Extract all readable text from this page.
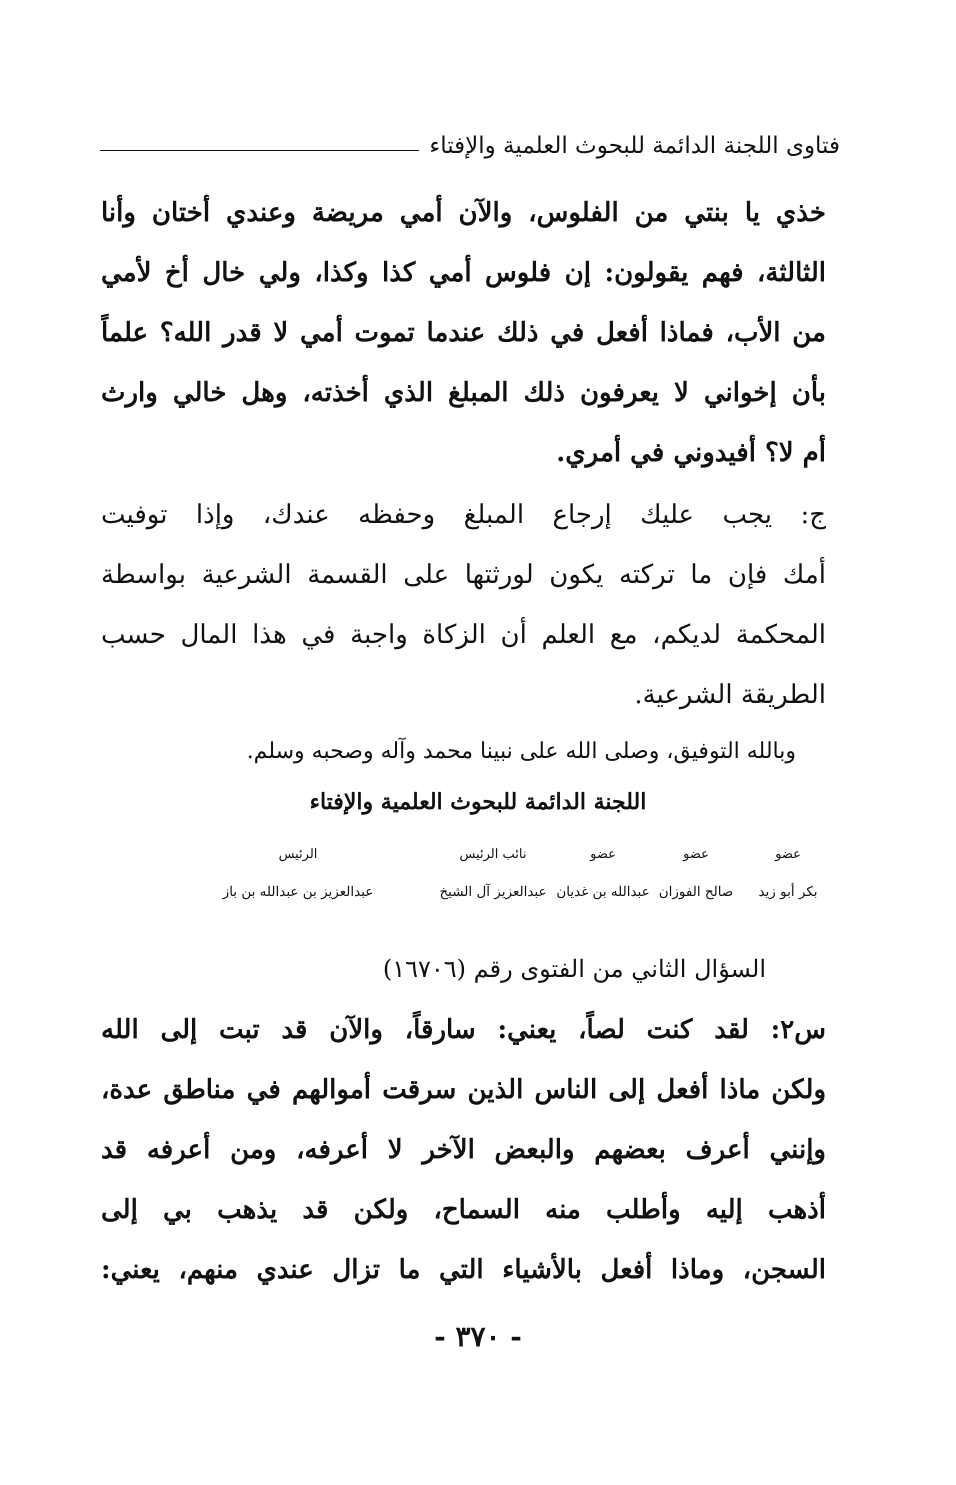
فتاوى اللجنة الدائمة للبحوث العلمية والإفتاء
خذي يا بنتي من الفلوس، والآن أمي مريضة وعندي أختان وأنا
الثالثة، فهم يقولون: إن فلوس أمي كذا وكذا، ولي خال أخ لأمي
من الأب، فماذا أفعل في ذلك عندما تموت أمي لا قدر الله؟ علماً
بأن إخواني لا يعرفون ذلك المبلغ الذي أخذته، وهل خالي وارث
أم لا؟ أفيدوني في أمري.
ج: يجب عليك إرجاع المبلغ وحفظه عندك، وإذا توفيت
أمك فإن ما تركته يكون لورثتها على القسمة الشرعية بواسطة
المحكمة لديكم، مع العلم أن الزكاة واجبة في هذا المال حسب
الطريقة الشرعية.
وبالله التوفيق، وصلى الله على نبينا محمد وآله وصحبه وسلم.
اللجنة الدائمة للبحوث العلمية والإفتاء
عضو
عضو
عضو
نائب الرئيس
الرئيس
بكر أبو زيد
صالح الفوزان
عبدالله بن غديان
عبدالعزيز آل الشيخ
عبدالعزيز بن عبدالله بن باز
السؤال الثاني من الفتوى رقم (١٦٧٠٦)
س٢: لقد كنت لصاً، يعني: سارقاً، والآن قد تبت إلى الله
ولكن ماذا أفعل إلى الناس الذين سرقت أموالهم في مناطق عدة،
وإنني أعرف بعضهم والبعض الآخر لا أعرفه، ومن أعرفه قد
أذهب إليه وأطلب منه السماح، ولكن قد يذهب بي إلى
السجن، وماذا أفعل بالأشياء التي ما تزال عندي منهم، يعني:
- ٣٧٠ -
